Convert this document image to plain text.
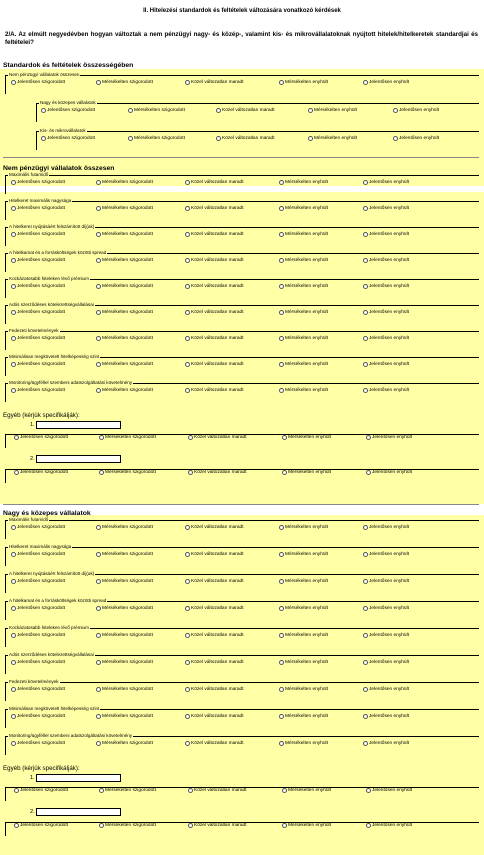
II. Hitelezési standardok és feltételek változására vonatkozó kérdések
2/A. Az elmúlt negyedévben hogyan változtak a nem pénzügyi nagy- és közép-, valamint kis- és mikrovállalatoknak nyújtott hitelek/hitelkeretek standardjai és feltételei?
Standardok és feltételek összességében
Nem pénzügyi vállalatok összesen
Jelentősen szigorodott	Mérsékelten szigorodott	Közel változatlan maradt	Mérsékelten enyhült	Jelentősen enyhült
Nagy és közepes vállalatok
Jelentősen szigorodott	Mérsékelten szigorodott	Közel változatlan maradt	Mérsékelten enyhült	Jelentősen enyhült
Kis- és mikrovállalatok
Jelentősen szigorodott	Mérsékelten szigorodott	Közel változatlan maradt	Mérsékelten enyhült	Jelentősen enyhült
Nem pénzügyi vállalatok összesen
Maximális futamidő
Jelentősen szigorodott	Mérsékelten szigorodott	Közel változatlan maradt	Mérsékelten enyhült	Jelentősen enyhült
Hitelkeret maximális nagysága
Jelentősen szigorodott	Mérsékelten szigorodott	Közel változatlan maradt	Mérsékelten enyhült	Jelentősen enyhült
A hitelkeret nyújtásáért felszámított díj(ak)
Jelentősen szigorodott	Mérsékelten szigorodott	Közel változatlan maradt	Mérsékelten enyhült	Jelentősen enyhült
A hitelkamat és a forrásköltségek közötti spread
Jelentősen szigorodott	Mérsékelten szigorodott	Közel változatlan maradt	Mérsékelten enyhült	Jelentősen enyhült
Kockázatosabb hiteleken lévő prémium
Jelentősen szigorodott	Mérsékelten szigorodott	Közel változatlan maradt	Mérsékelten enyhült	Jelentősen enyhült
Adós szerződéses kötelezettségvállalásai
Jelentősen szigorodott	Mérsékelten szigorodott	Közel változatlan maradt	Mérsékelten enyhült	Jelentősen enyhült
Fedezeti követelmények
Jelentősen szigorodott	Mérsékelten szigorodott	Közel változatlan maradt	Mérsékelten enyhült	Jelentősen enyhült
Minimálisan megkövetelt hitelképesség szint
Jelentősen szigorodott	Mérsékelten szigorodott	Közel változatlan maradt	Mérsékelten enyhült	Jelentősen enyhült
Monitoring/ügyféllel szembeni adatszolgáltatási követelmény
Jelentősen szigorodott	Mérsékelten szigorodott	Közel változatlan maradt	Mérsékelten enyhült	Jelentősen enyhült
Egyéb (kérjük specifikálják):
1.
Jelentősen szigorodott	Mérsékelten szigorodott	Közel változatlan maradt	Mérsékelten enyhült	Jelentősen enyhült
2.
Jelentősen szigorodott	Mérsékelten szigorodott	Közel változatlan maradt	Mérsékelten enyhült	Jelentősen enyhült
Nagy és közepes vállalatok
Maximális futamidő
Jelentősen szigorodott	Mérsékelten szigorodott	Közel változatlan maradt	Mérsékelten enyhült	Jelentősen enyhült
Hitelkeret maximális nagysága
Jelentősen szigorodott	Mérsékelten szigorodott	Közel változatlan maradt	Mérsékelten enyhült	Jelentősen enyhült
A hitelkeret nyújtásáért felszámított díj(ak)
Jelentősen szigorodott	Mérsékelten szigorodott	Közel változatlan maradt	Mérsékelten enyhült	Jelentősen enyhült
A hitelkamat és a forrásköltségek közötti spread
Jelentősen szigorodott	Mérsékelten szigorodott	Közel változatlan maradt	Mérsékelten enyhült	Jelentősen enyhült
Kockázatosabb hiteleken lévő prémium
Jelentősen szigorodott	Mérsékelten szigorodott	Közel változatlan maradt	Mérsékelten enyhült	Jelentősen enyhült
Adós szerződéses kötelezettségvállalásai
Jelentősen szigorodott	Mérsékelten szigorodott	Közel változatlan maradt	Mérsékelten enyhült	Jelentősen enyhült
Fedezeti követelmények
Jelentősen szigorodott	Mérsékelten szigorodott	Közel változatlan maradt	Mérsékelten enyhült	Jelentősen enyhült
Minimálisan megkövetelt hitelképesség szint
Jelentősen szigorodott	Mérsékelten szigorodott	Közel változatlan maradt	Mérsékelten enyhült	Jelentősen enyhült
Monitoring/ügyféllel szembeni adatszolgáltatási követelmény
Jelentősen szigorodott	Mérsékelten szigorodott	Közel változatlan maradt	Mérsékelten enyhült	Jelentősen enyhült
Egyéb (kérjük specifikálják):
1.
Jelentősen szigorodott	Mérsékelten szigorodott	Közel változatlan maradt	Mérsékelten enyhült	Jelentősen enyhült
2.
Jelentősen szigorodott	Mérsékelten szigorodott	Közel változatlan maradt	Mérsékelten enyhült	Jelentősen enyhült
